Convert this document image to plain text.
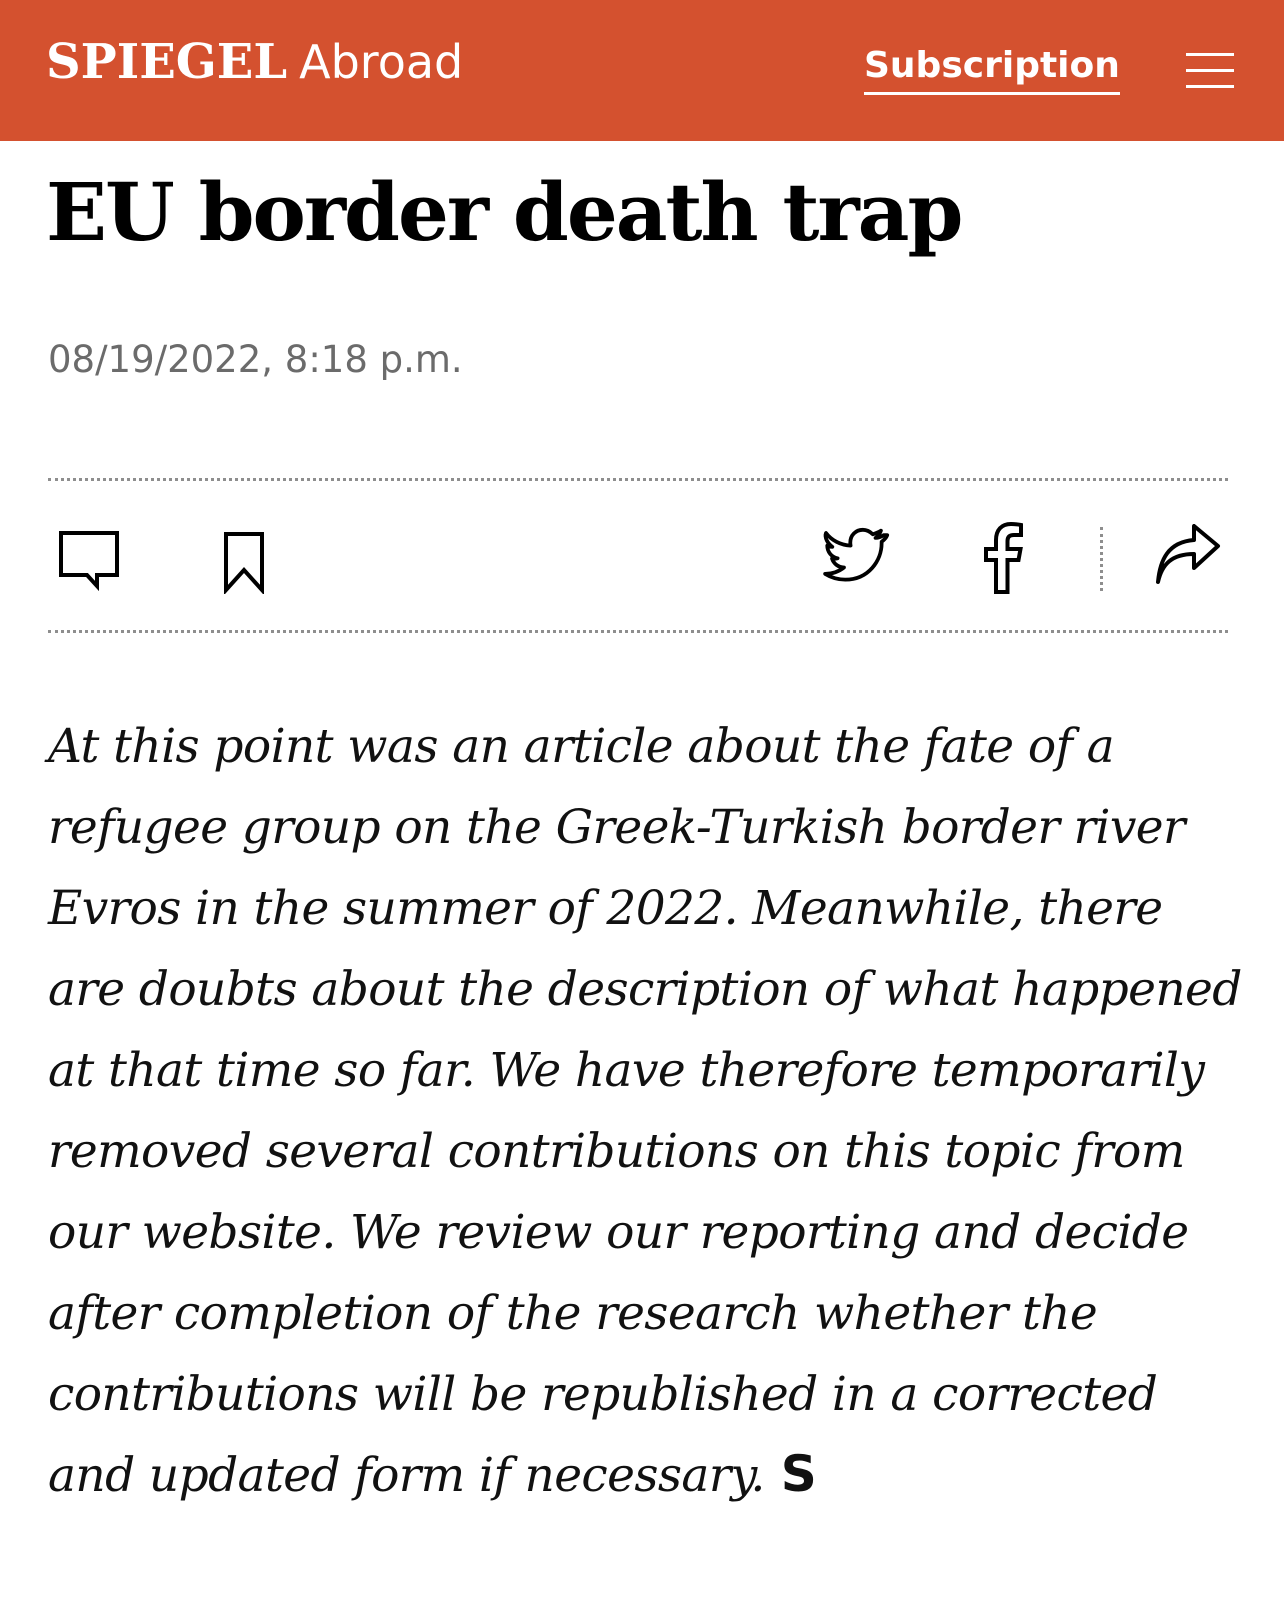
SPIEGEL Abroad	Subscription
EU border death trap
08/19/2022, 8:18 p.m.

At this point was an article about the fate of a refugee group on the Greek-Turkish border river Evros in the summer of 2022. Meanwhile, there are doubts about the description of what happened at that time so far. We have therefore temporarily removed several contributions on this topic from our website. We review our reporting and decide after completion of the research whether the contributions will be republished in a corrected and updated form if necessary. S
